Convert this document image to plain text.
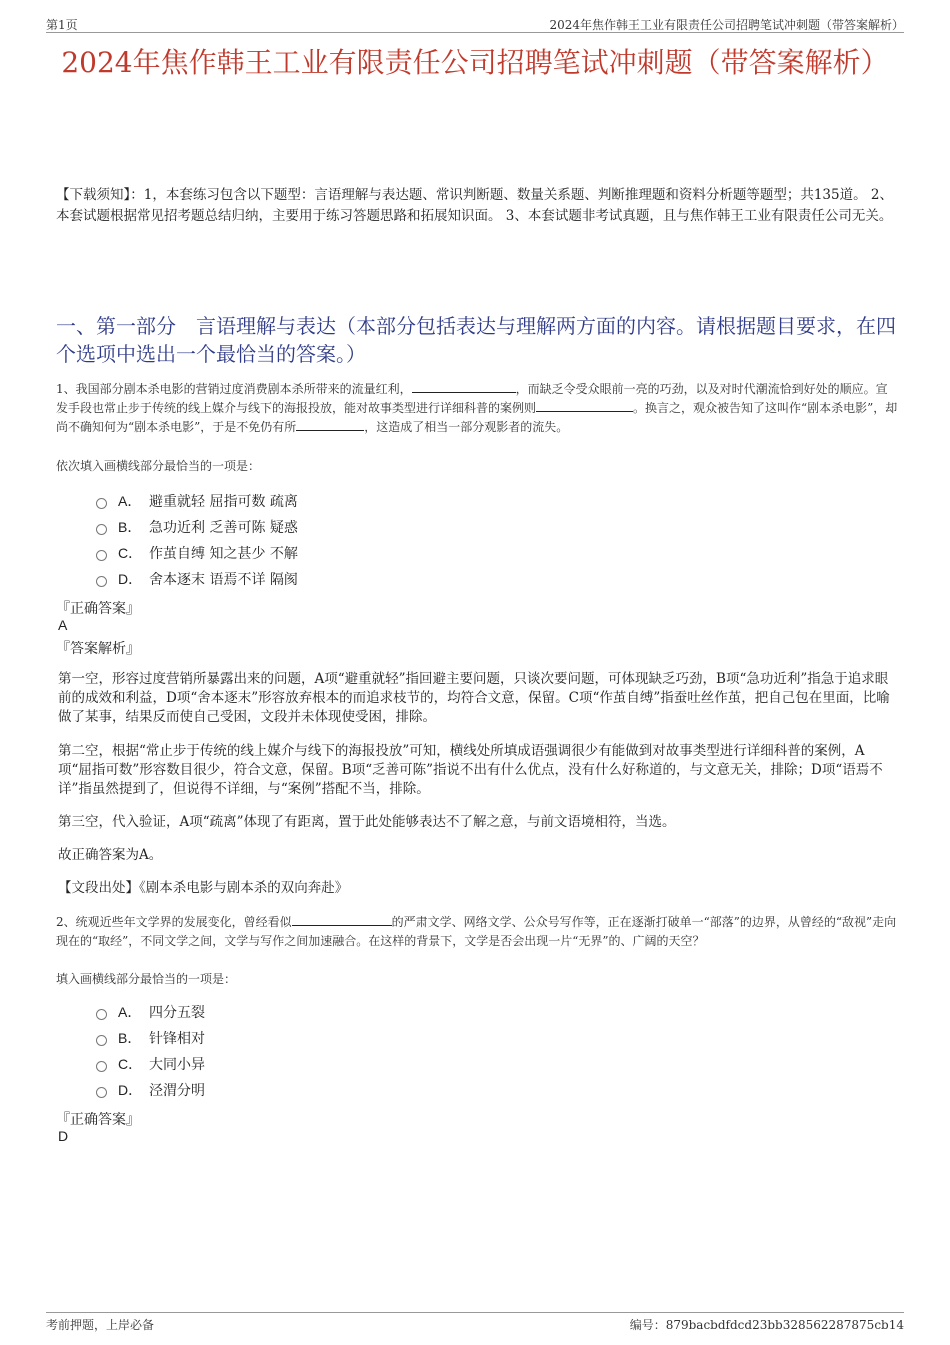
第1页	2024年焦作韩王工业有限责任公司招聘笔试冲刺题（带答案解析）
2024年焦作韩王工业有限责任公司招聘笔试冲刺题（带答案解析）
【下载须知】：1，本套练习包含以下题型：言语理解与表达题、常识判断题、数量关系题、判断推理题和资料分析题等题型；共135道。 2、本套试题根据常见招考题总结归纳，主要用于练习答题思路和拓展知识面。 3、本套试题非考试真题，且与焦作韩王工业有限责任公司无关。
一、第一部分　言语理解与表达（本部分包括表达与理解两方面的内容。请根据题目要求，在四个选项中选出一个最恰当的答案。）
1、我国部分剧本杀电影的营销过度消费剧本杀所带来的流量红利，	，而缺乏令受众眼前一亮的巧劲，以及对时代潮流恰到好处的顺应。宣发手段也常止步于传统的线上媒介与线下的海报投放，能对故事类型进行详细科普的案例则	。换言之，观众被告知了这叫作“剧本杀电影”，却尚不确知何为“剧本杀电影”，于是不免仍有所	，这造成了相当一部分观影者的流失。
依次填入画横线部分最恰当的一项是：
A． 避重就轻 屈指可数 疏离
B． 急功近利 乏善可陈 疑惑
C． 作茧自缚 知之甚少 不解
D． 舍本逐末 语焉不详 隔阂
『正确答案』
A
『答案解析』
第一空，形容过度营销所暴露出来的问题，A项“避重就轻”指回避主要问题，只谈次要问题，可体现缺乏巧劲，B项“急功近利”指急于追求眼前的成效和利益，D项“舍本逐末”形容放弃根本的而追求枝节的，均符合文意，保留。C项“作茧自缚”指蚕吐丝作茧，把自己包在里面，比喻做了某事，结果反而使自己受困，文段并未体现使受困，排除。
第二空，根据“常止步于传统的线上媒介与线下的海报投放”可知，横线处所填成语强调很少有能做到对故事类型进行详细科普的案例，A项“屈指可数”形容数目很少，符合文意，保留。B项“乏善可陈”指说不出有什么优点，没有什么好称道的，与文意无关，排除；D项“语焉不详”指虽然提到了，但说得不详细，与“案例”搭配不当，排除。
第三空，代入验证，A项“疏离”体现了有距离，置于此处能够表达不了解之意，与前文语境相符，当选。
故正确答案为A。
【文段出处】《剧本杀电影与剧本杀的双向奔赴》
2、统观近些年文学界的发展变化，曾经看似	的严肃文学、网络文学、公众号写作等，正在逐渐打破单一“部落”的边界，从曾经的“敌视”走向现在的“取经”，不同文学之间，文学与写作之间加速融合。在这样的背景下，文学是否会出现一片“无界”的、广阔的天空？
填入画横线部分最恰当的一项是：
A． 四分五裂
B． 针锋相对
C． 大同小异
D． 泾渭分明
『正确答案』
D
考前押题，上岸必备	编号：879bacbdfdcd23bb328562287875cb14
